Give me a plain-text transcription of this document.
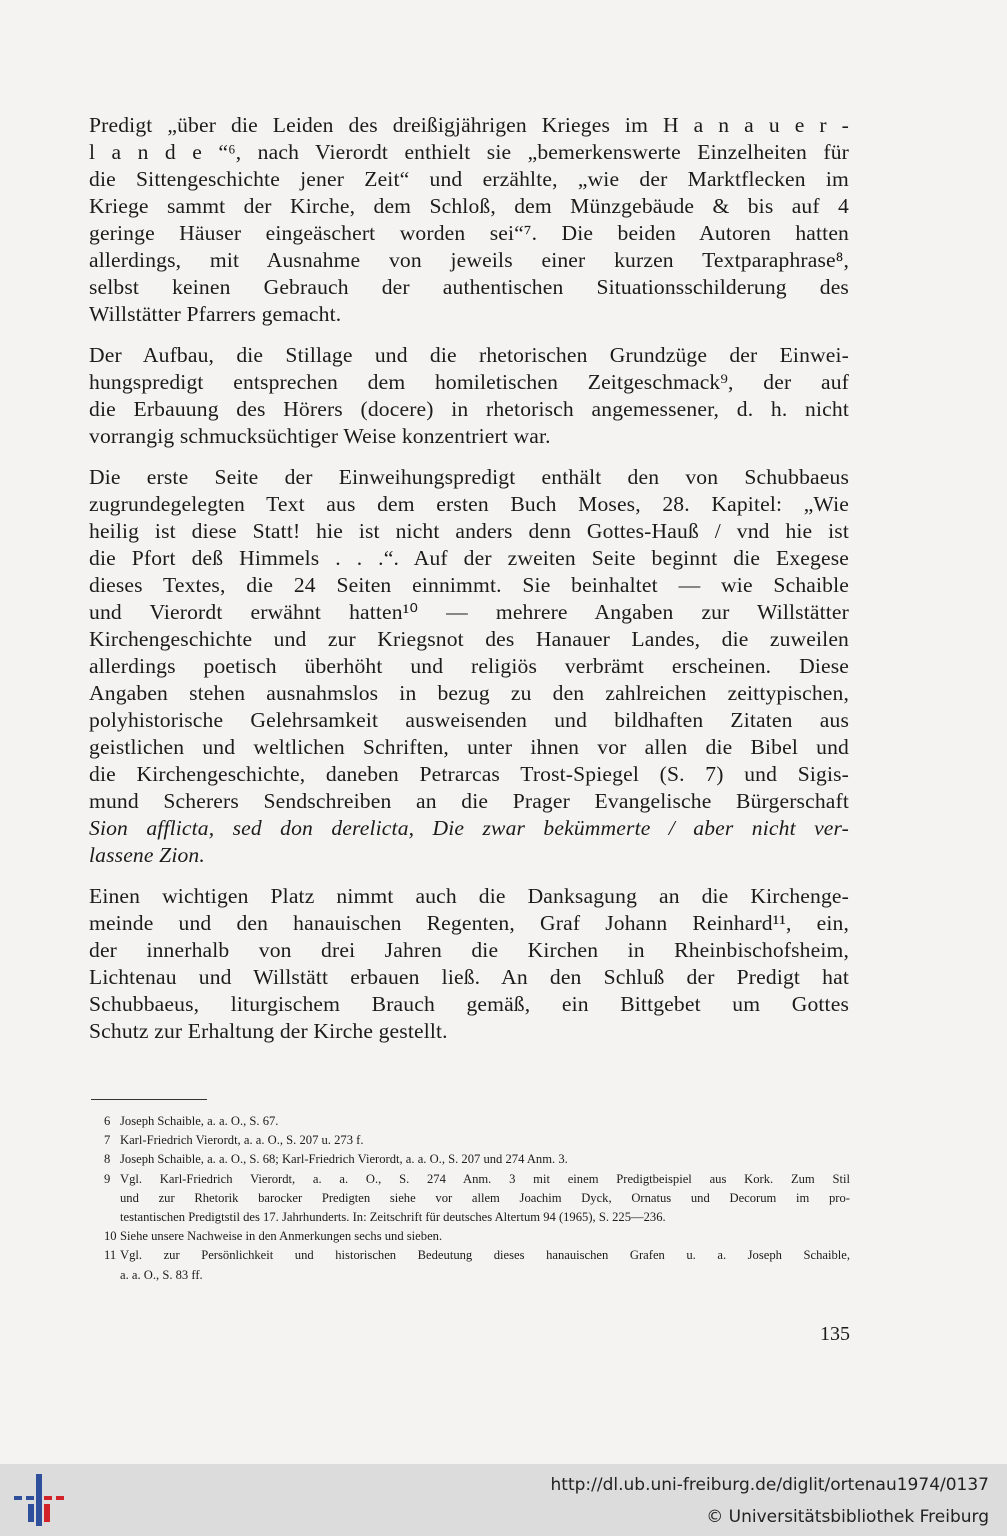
Predigt „über die Leiden des dreißigjährigen Krieges im H a n a u e r -
l a n d e “⁶, nach Vierordt enthielt sie „bemerkenswerte Einzelheiten für
die Sittengeschichte jener Zeit“ und erzählte, „wie der Marktflecken im
Kriege sammt der Kirche, dem Schloß, dem Münzgebäude & bis auf 4
geringe Häuser eingeäschert worden sei“⁷. Die beiden Autoren hatten
allerdings, mit Ausnahme von jeweils einer kurzen Textparaphrase⁸,
selbst keinen Gebrauch der authentischen Situationsschilderung des
Willstätter Pfarrers gemacht.

Der Aufbau, die Stillage und die rhetorischen Grundzüge der Einwei-
hungspredigt entsprechen dem homiletischen Zeitgeschmack⁹, der auf
die Erbauung des Hörers (docere) in rhetorisch angemessener, d. h. nicht
vorrangig schmucksüchtiger Weise konzentriert war.

Die erste Seite der Einweihungspredigt enthält den von Schubbaeus
zugrundegelegten Text aus dem ersten Buch Moses, 28. Kapitel: „Wie
heilig ist diese Statt! hie ist nicht anders denn Gottes-Hauß / vnd hie ist
die Pfort deß Himmels . . .“. Auf der zweiten Seite beginnt die Exegese
dieses Textes, die 24 Seiten einnimmt. Sie beinhaltet — wie Schaible
und Vierordt erwähnt hatten¹⁰ — mehrere Angaben zur Willstätter
Kirchengeschichte und zur Kriegsnot des Hanauer Landes, die zuweilen
allerdings poetisch überhöht und religiös verbrämt erscheinen. Diese
Angaben stehen ausnahmslos in bezug zu den zahlreichen zeittypischen,
polyhistorische Gelehrsamkeit ausweisenden und bildhaften Zitaten aus
geistlichen und weltlichen Schriften, unter ihnen vor allen die Bibel und
die Kirchengeschichte, daneben Petrarcas Trost-Spiegel (S. 7) und Sigis-
mund Scherers Sendschreiben an die Prager Evangelische Bürgerschaft
Sion afflicta, sed don derelicta, Die zwar bekümmerte / aber nicht ver-
lassene Zion.

Einen wichtigen Platz nimmt auch die Danksagung an die Kirchenge-
meinde und den hanauischen Regenten, Graf Johann Reinhard¹¹, ein,
der innerhalb von drei Jahren die Kirchen in Rheinbischofsheim,
Lichtenau und Willstätt erbauen ließ. An den Schluß der Predigt hat
Schubbaeus, liturgischem Brauch gemäß, ein Bittgebet um Gottes
Schutz zur Erhaltung der Kirche gestellt.

6 Joseph Schaible, a. a. O., S. 67.
7 Karl-Friedrich Vierordt, a. a. O., S. 207 u. 273 f.
8 Joseph Schaible, a. a. O., S. 68; Karl-Friedrich Vierordt, a. a. O., S. 207 und 274 Anm. 3.
9 Vgl. Karl-Friedrich Vierordt, a. a. O., S. 274 Anm. 3 mit einem Predigtbeispiel aus Kork. Zum Stil
und zur Rhetorik barocker Predigten siehe vor allem Joachim Dyck, Ornatus und Decorum im pro-
testantischen Predigtstil des 17. Jahrhunderts. In: Zeitschrift für deutsches Altertum 94 (1965), S. 225—236.
10 Siehe unsere Nachweise in den Anmerkungen sechs und sieben.
11 Vgl. zur Persönlichkeit und historischen Bedeutung dieses hanauischen Grafen u. a. Joseph Schaible,
a. a. O., S. 83 ff.
135
http://dl.ub.uni-freiburg.de/diglit/ortenau1974/0137
© Universitätsbibliothek Freiburg
